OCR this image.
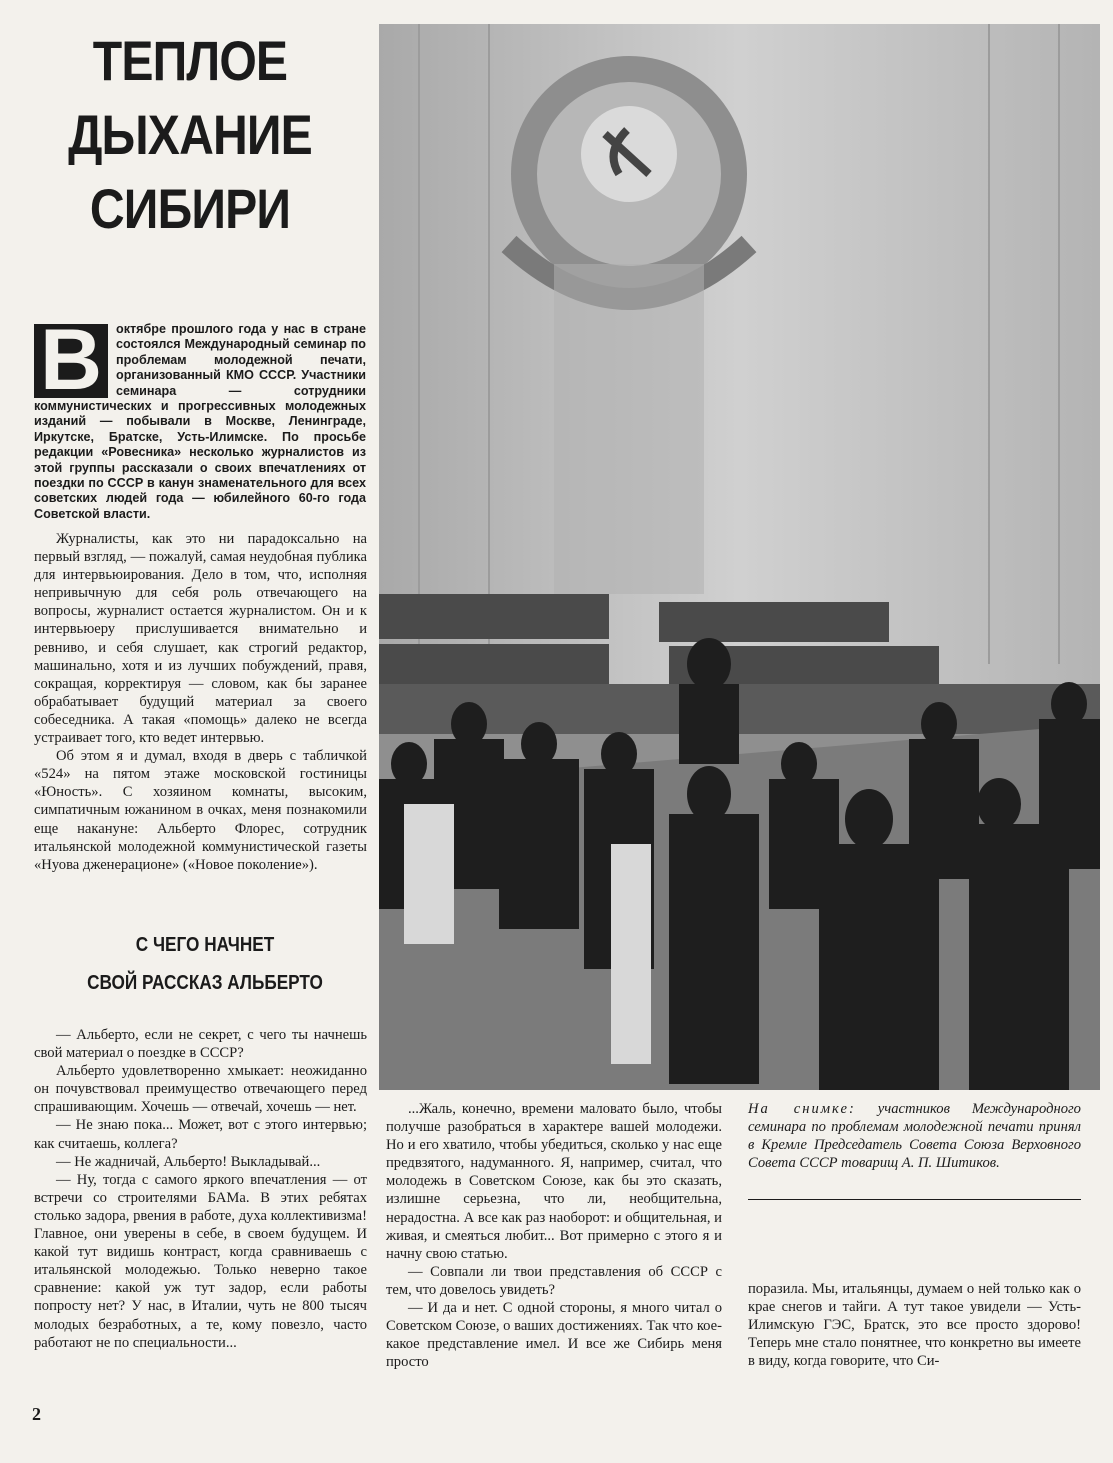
ТЕПЛОЕ
ДЫХАНИЕ
СИБИРИ
В	октябре прошлого года у нас в стране состоялся Международный семинар по проблемам молодежной печати, организованный КМО СССР. Участники семинара — сотрудники коммунистических и прогрессивных молодежных изданий — побывали в Москве, Ленинграде, Иркутске, Братске, Усть-Илимске. По просьбе редакции «Ровесника» несколько журналистов из этой группы рассказали о своих впечатлениях от поездки по СССР в канун знаменательного для всех советских людей года — юбилейного 60-го года Советской власти.

Журналисты, как это ни парадоксально на первый взгляд, — пожалуй, самая неудобная публика для интервьюирования. Дело в том, что, исполняя непривычную для себя роль отвечающего на вопросы, журналист остается журналистом. Он и к интервьюеру прислушивается внимательно и ревниво, и себя слушает, как строгий редактор, машинально, хотя и из лучших побуждений, правя, сокращая, корректируя — словом, как бы заранее обрабатывает будущий материал за своего собеседника. А такая «помощь» далеко не всегда устраивает того, кто ведет интервью.

Об этом я и думал, входя в дверь с табличкой «524» на пятом этаже московской гостиницы «Юность». С хозяином комнаты, высоким, симпатичным южанином в очках, меня познакомили еще накануне: Альберто Флорес, сотрудник итальянской молодежной коммунистической газеты «Нуова дженерационе» («Новое поколение»).

С ЧЕГО НАЧНЕТ
СВОЙ РАССКАЗ АЛЬБЕРТО

— Альберто, если не секрет, с чего ты начнешь свой материал о поездке в СССР?

Альберто удовлетворенно хмыкает: неожиданно он почувствовал преимущество отвечающего перед спрашивающим. Хочешь — отвечай, хочешь — нет.

— Не знаю пока... Может, вот с этого интервью; как считаешь, коллега?

— Не жадничай, Альберто! Выкладывай...

— Ну, тогда с самого яркого впечатления — от встречи со строителями БАМа. В этих ребятах столько задора, рвения в работе, духа коллективизма! Главное, они уверены в себе, в своем будущем. И какой тут видишь контраст, когда сравниваешь с итальянской молодежью. Только неверно такое сравнение: какой уж тут задор, если работы попросту нет? У нас, в Италии, чуть не 800 тысяч молодых безработных, а те, кому повезло, часто работают не по специальности...

...Жаль, конечно, времени маловато было, чтобы получше разобраться в характере вашей молодежи. Но и его хватило, чтобы убедиться, сколько у нас еще предвзятого, надуманного. Я, например, считал, что молодежь в Советском Союзе, как бы это сказать, излишне серьезна, что ли, необщительна, нерадостна. А все как раз наоборот: и общительная, и живая, и смеяться любит... Вот примерно с этого я и начну свою статью.

— Совпали ли твои представления об СССР с тем, что довелось увидеть?

— И да и нет. С одной стороны, я много читал о Советском Союзе, о ваших достижениях. Так что кое-какое представление имел. И все же Сибирь меня просто

На снимке: участников Международного семинара по проблемам молодежной печати принял в Кремле Председатель Совета Союза Верховного Совета СССР товарищ А. П. Шитиков.

поразила. Мы, итальянцы, думаем о ней только как о крае снегов и тайги. А тут такое увидели — Усть-Илимскую ГЭС, Братск, это все просто здорово! Теперь мне стало понятнее, что конкретно вы имеете в виду, когда говорите, что Си-

2
